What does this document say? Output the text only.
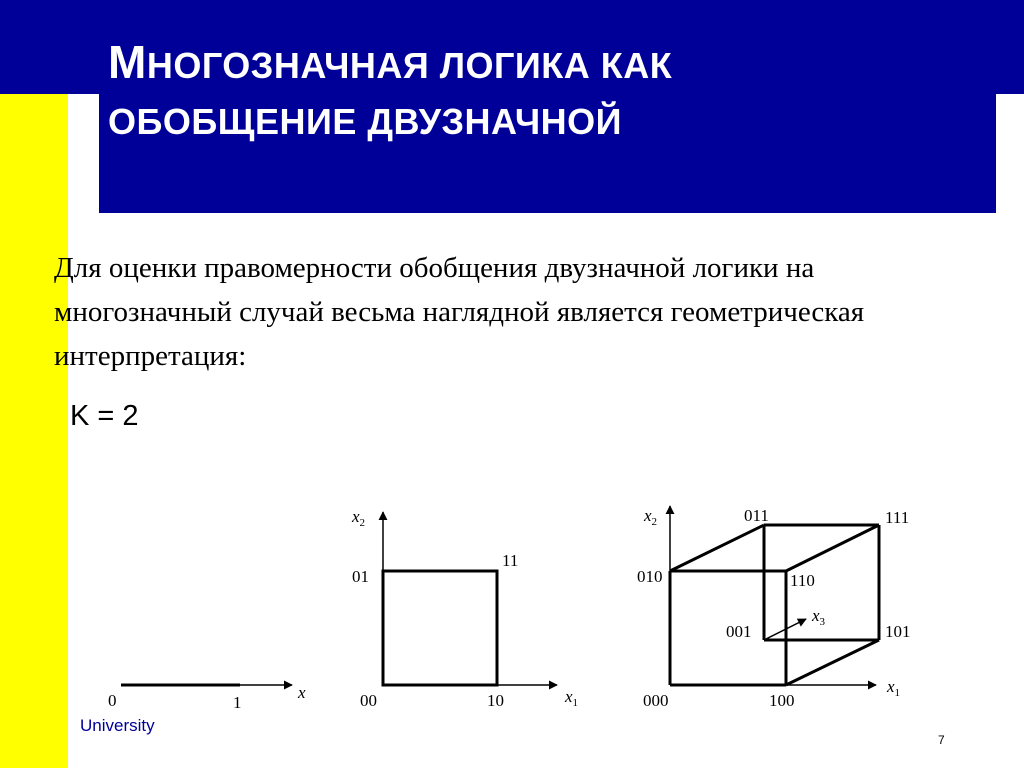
МНОГОЗНАЧНАЯ ЛОГИКА КАК
ОБОБЩЕНИЕ ДВУЗНАЧНОЙ

Для оценки правомерности обобщения двузначной логики на многозначный случай весьма наглядной является геометрическая интерпретация:

K = 2
0	1
x	00	10
01
11
$x_1$
$x_2$
000	100
010	110
001	101
011	111
$x_1$
$x_2$
$x_3$
University
7
